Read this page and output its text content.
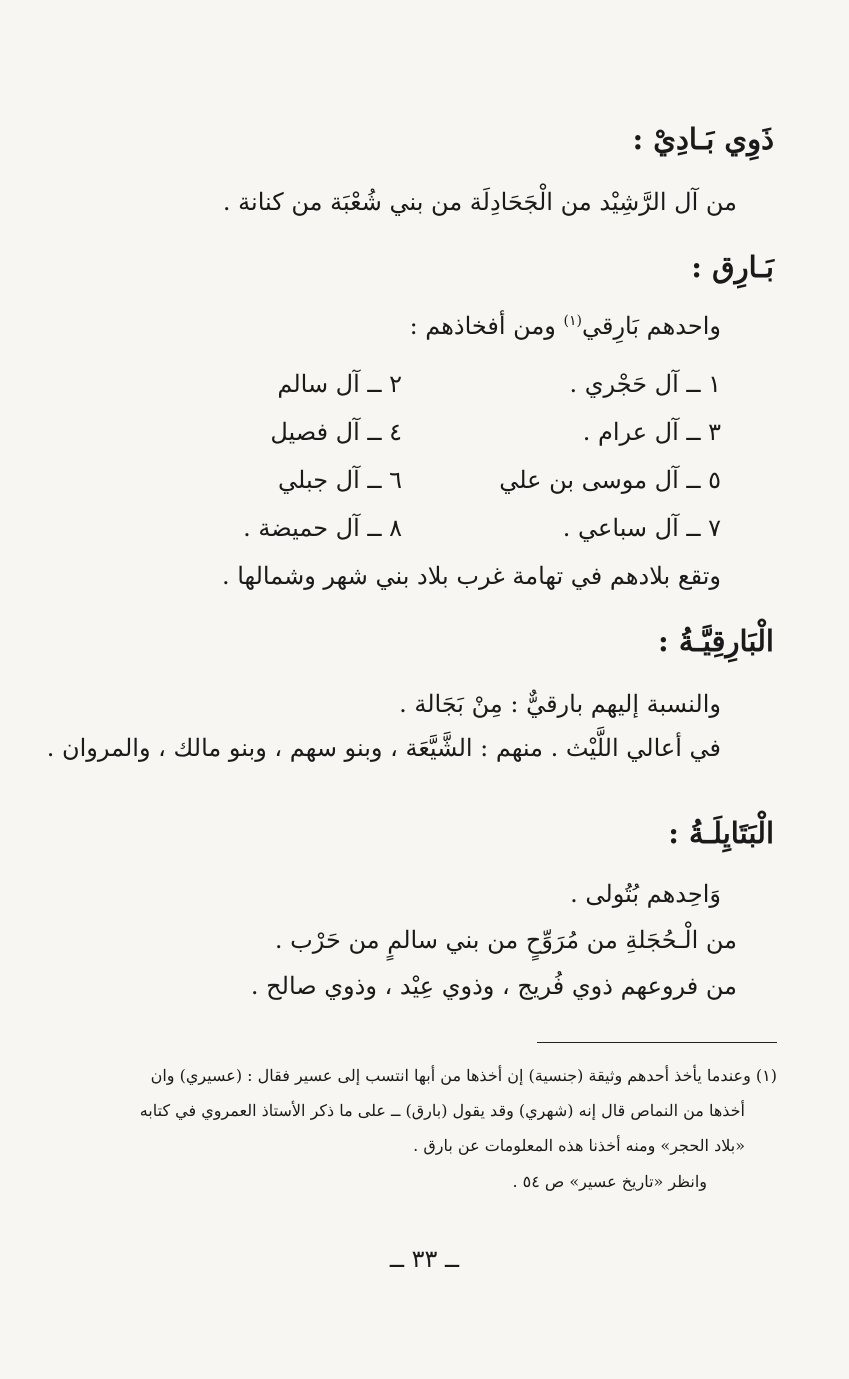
ذَوِي بَـادِيْ :
من آل الرَّشِيْد من الْجَحَادِلَة من بني شُعْبَة من كنانة .
بَـارِق :
واحدهم بَارِقي$^{(١)}$ ومن أفخاذهم :
١ ــ آل حَجْري .
٢ ــ آل سالم
٣ ــ آل عرام .
٤ ــ آل فصيل
٥ ــ آل موسى بن علي
٦ ــ آل جبلي
٧ ــ آل سباعي .
٨ ــ آل حميضة .
وتقع بلادهم في تهامة غرب بلاد بني شهر وشمالها .
الْبَارِقِيَّـةُ :
والنسبة إليهم بارقيٌّ : مِنْ بَجَالة .
في أعالي اللَّيْث . منهم : الشَّيَّعَة ، وبنو سهم ، وبنو مالك ، والمروان .
الْبَتَايِلَـةُ :
وَاحِدهم بُتُولى .
من الْـحُجَلةِ من مُرَوِّحٍ من بني سالمٍ من حَرْب .
من فروعهم ذوي فُريج ، وذوي عِيْد ، وذوي صالح .
(١) وعندما يأخذ أحدهم وثيقة (جنسية) إن أخذها من أبها انتسب إلى عسير فقال : (عسيري) وان
أخذها من النماص قال إنه (شهري) وقد يقول (بارق) ــ على ما ذكر الأستاذ العمروي في كتابه
«بلاد الحجر» ومنه أخذنا هذه المعلومات عن بارق .
وانظر «تاريخ عسير» ص ٥٤ .
ــ ٣٣ ــ
